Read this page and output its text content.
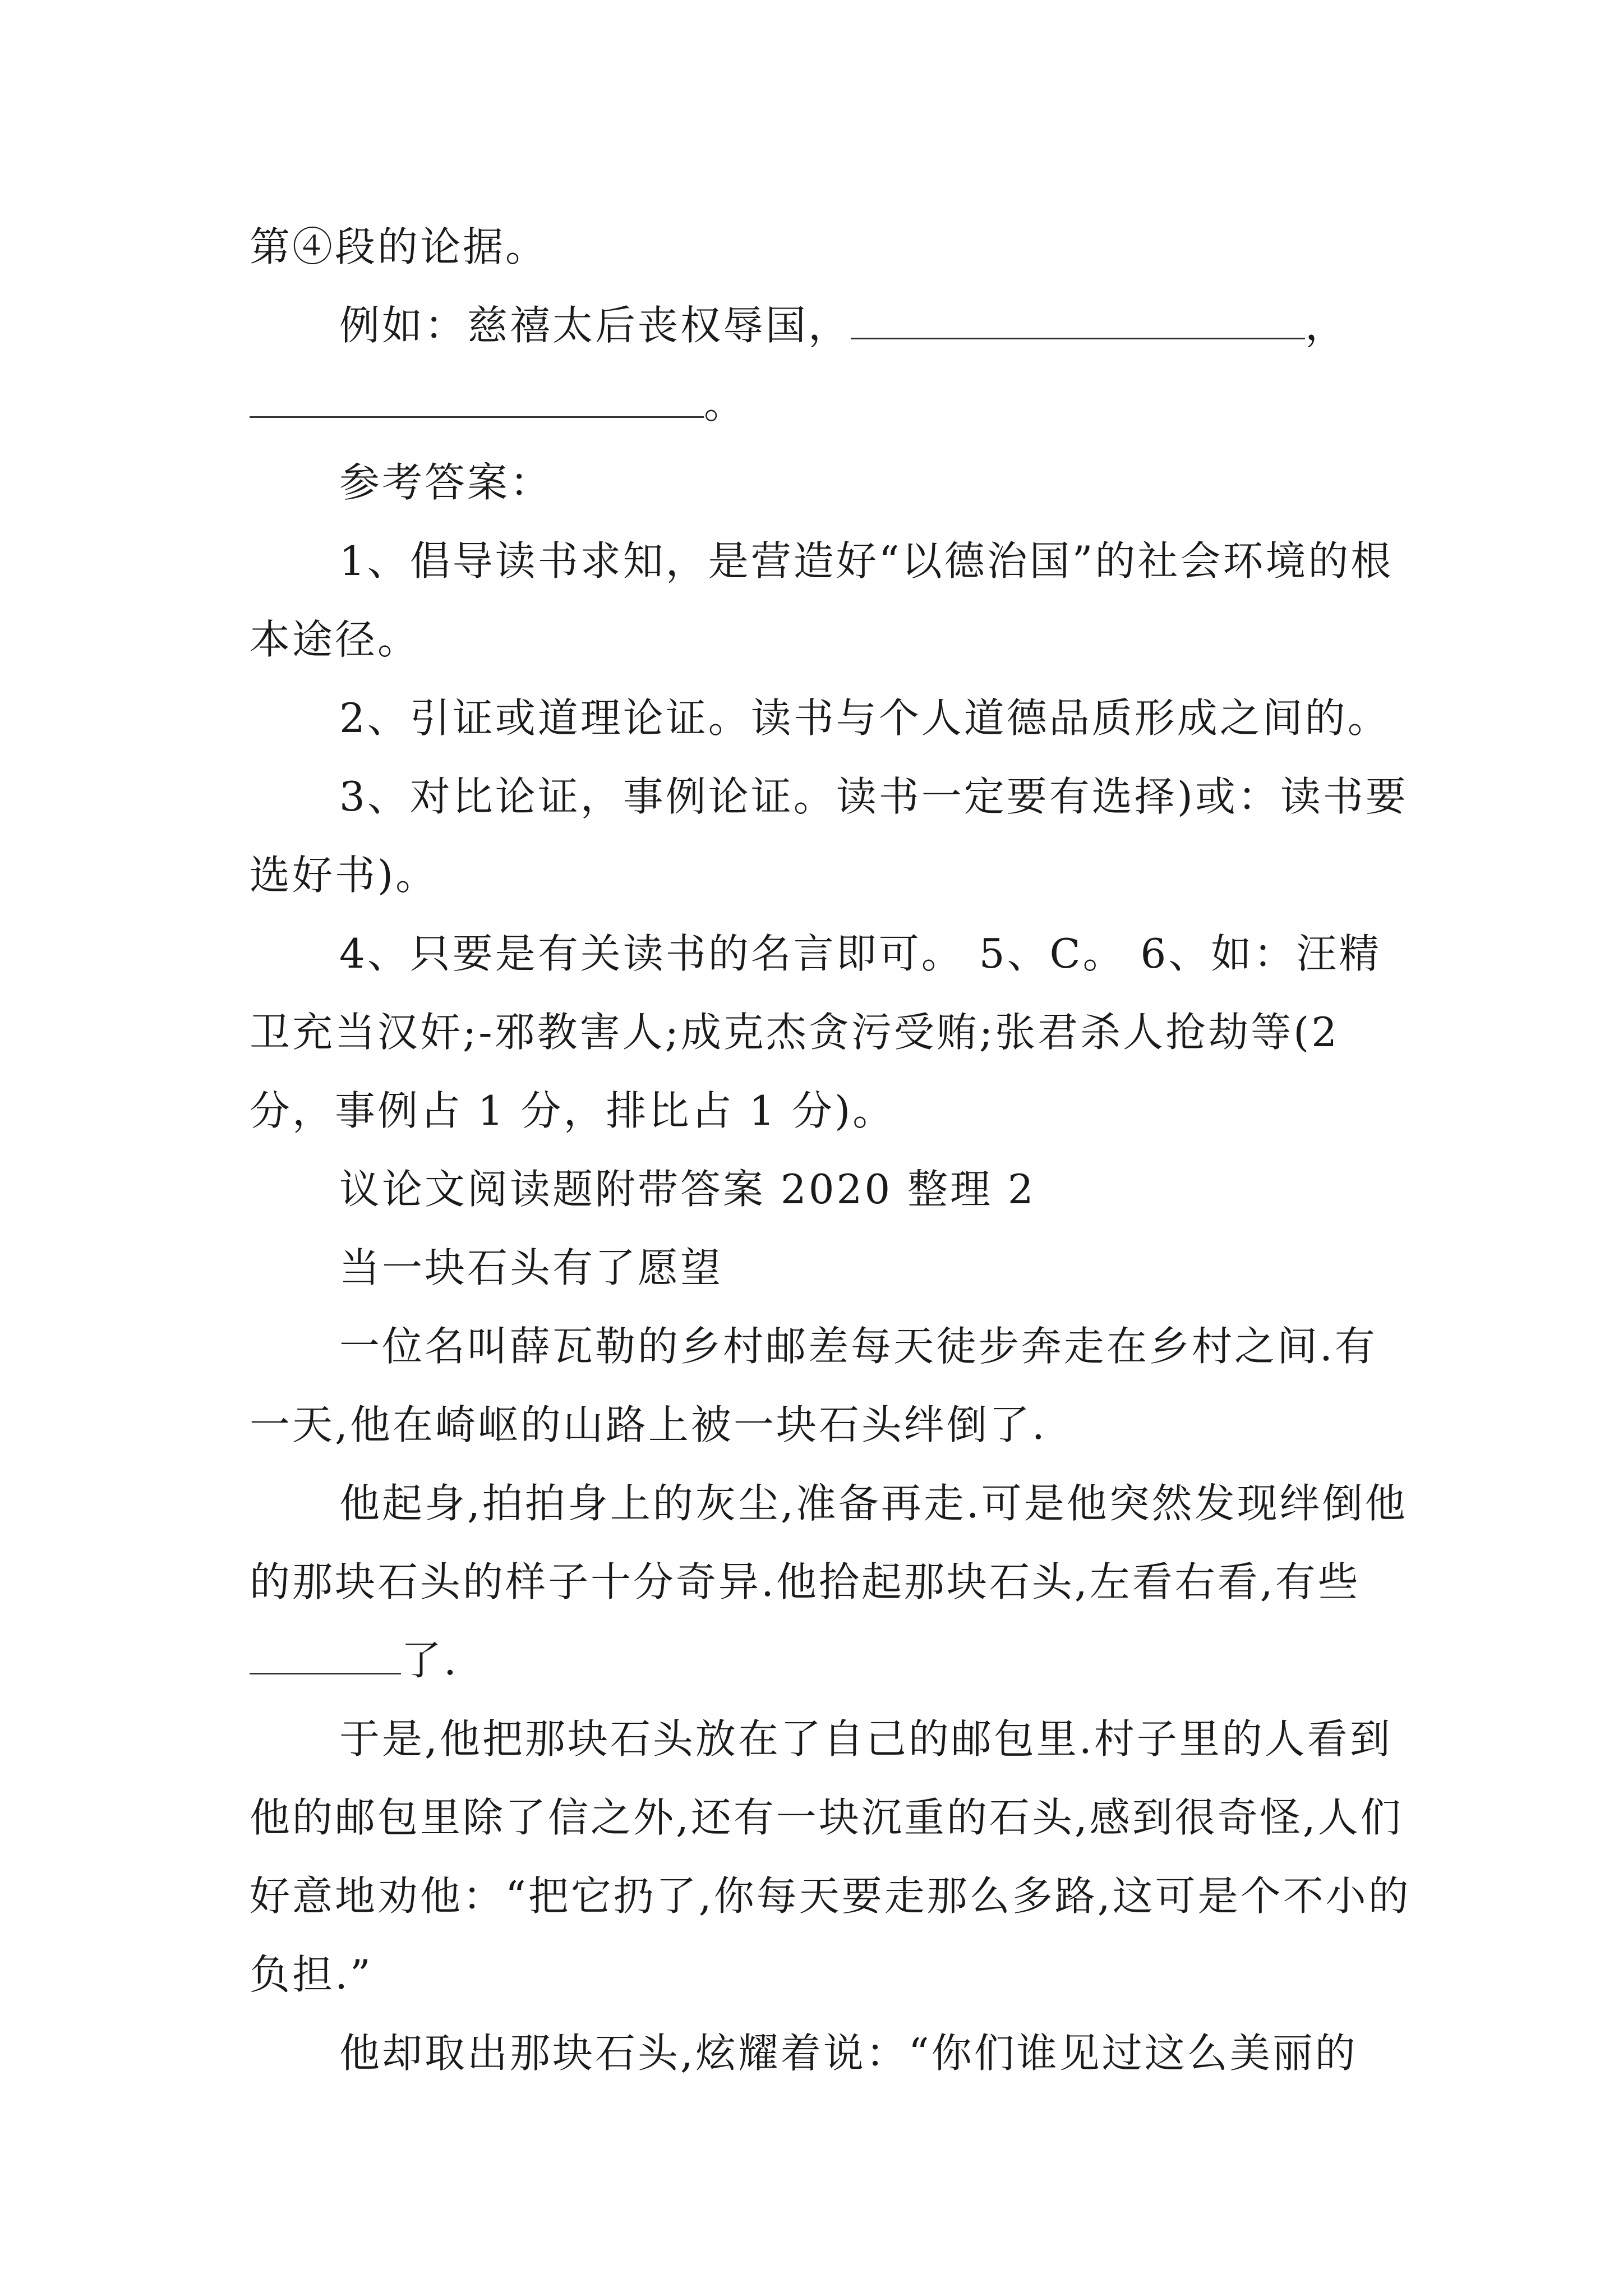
第④段的论据。

例如：慈禧太后丧权辱国，	，。

参考答案：

1、倡导读书求知，是营造好“以德治国”的社会环境的根本途径。

2、引证或道理论证。读书与个人道德品质形成之间的。

3、对比论证，事例论证。读书一定要有选择)或：读书要选好书)。

4、只要是有关读书的名言即可。 5、C。 6、如：汪精卫充当汉奸;-邪教害人;成克杰贪污受贿;张君杀人抢劫等(2分，事例占 1 分，排比占 1 分)。

议论文阅读题附带答案 2020 整理 2

当一块石头有了愿望

一位名叫薛瓦勒的乡村邮差每天徒步奔走在乡村之间.有一天,他在崎岖的山路上被一块石头绊倒了.

他起身,拍拍身上的灰尘,准备再走.可是他突然发现绊倒他的那块石头的样子十分奇异.他拾起那块石头,左看右看,有些了.

于是,他把那块石头放在了自己的邮包里.村子里的人看到他的邮包里除了信之外,还有一块沉重的石头,感到很奇怪,人们好意地劝他：“把它扔了,你每天要走那么多路,这可是个不小的负担.”

他却取出那块石头,炫耀着说：“你们谁见过这么美丽的
